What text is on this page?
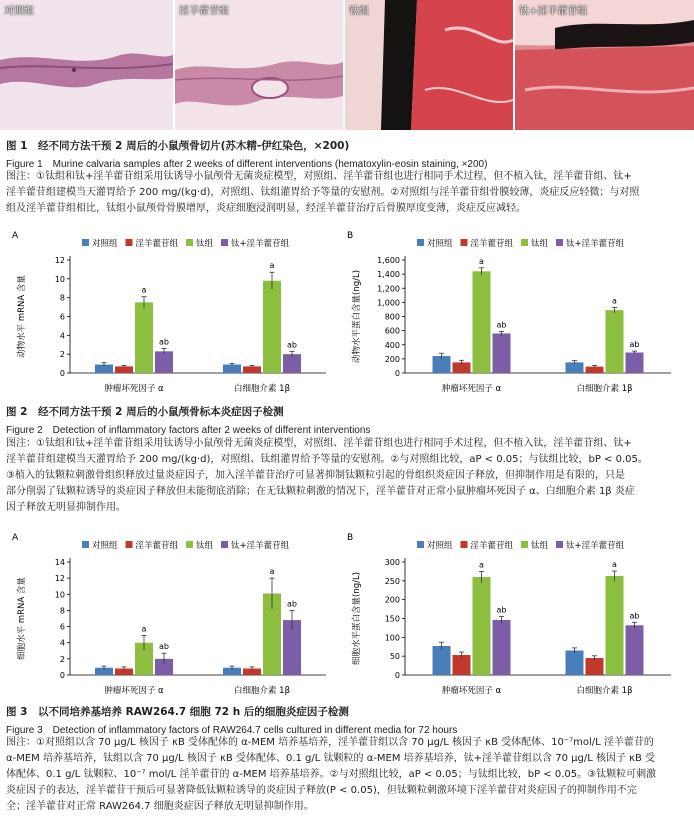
对照组	淫羊藿苷组	钛组	钛+淫羊藿苷组
图 1　经不同方法干预 2 周后的小鼠颅骨切片(苏木精-伊红染色，×200)
Figure 1　Murine calvaria samples after 2 weeks of different interventions (hematoxylin-eosin staining, ×200)
图注：①钛组和钛+淫羊藿苷组采用钛诱导小鼠颅骨无菌炎症模型，对照组、淫羊藿苷组也进行相同手术过程，但不植入钛，淫羊藿苷组、钛+
淫羊藿苷组建模当天灌胃给予 200 mg/(kg·d)，对照组、钛组灌胃给予等量的安慰剂。②对照组与淫羊藿苷组骨膜较薄，炎症反应轻微；与对照
组及淫羊藿苷组相比，钛组小鼠颅骨骨膜增厚，炎症细胞浸润明显，经淫羊藿苷治疗后骨膜厚度变薄，炎症反应减轻。
A
对照组 淫羊藿苷组 钛组 钛+淫羊藿苷组
0
2
4
6
8
10
12
动物水平 mRNA 含量	a
ab
肿瘤坏死因子 α
a
ab
白细胞介素 1β
B
对照组 淫羊藿苷组 钛组 钛+淫羊藿苷组
0
200
400
600
800
1,000
1,200
1,400
1,600
动物水平蛋白含量(ng/L)
a
ab
肿瘤坏死因子 α
a
ab
白细胞介素 1β
图 2　经不同方法干预 2 周后的小鼠颅骨标本炎症因子检测
Figure 2　Detection of inflammatory factors after 2 weeks of different interventions
图注：①钛组和钛+淫羊藿苷组采用钛诱导小鼠颅骨无菌炎症模型，对照组、淫羊藿苷组也进行相同手术过程，但不植入钛，淫羊藿苷组、钛+
淫羊藿苷组建模当天灌胃给予 200 mg/(kg·d)，对照组、钛组灌胃给予等量的安慰剂。②与对照组比较，aP < 0.05；与钛组比较，bP < 0.05。
③植入的钛颗粒刺激骨组织释放过量炎症因子，加入淫羊藿苷治疗可显著抑制钛颗粒引起的骨组织炎症因子释放，但抑制作用是有限的，只是
部分削弱了钛颗粒诱导的炎症因子释放但未能彻底消除；在无钛颗粒刺激的情况下，淫羊藿苷对正常小鼠肿瘤坏死因子 α、白细胞介素 1β 炎症
因子释放无明显抑制作用。
A
对照组 淫羊藿苷组 钛组 钛+淫羊藿苷组
0
2
4
6
8
10
12
14
细胞水平 mRNA 含量	a
ab
肿瘤坏死因子 α
a
ab
白细胞介素 1β
B
对照组 淫羊藿苷组 钛组 钛+淫羊藿苷组
0
50
100
150
200
250
300
细胞水平蛋白含量(ng/L)
a
ab
肿瘤坏死因子 α
a
ab
白细胞介素 1β
图 3　以不同培养基培养 RAW264.7 细胞 72 h 后的细胞炎症因子检测
Figure 3　Detection of inflammatory factors of RAW264.7 cells cultured in different media for 72 hours
图注：①对照组以含 70 μg/L 核因子 κB 受体配体的 α-MEM 培养基培养，淫羊藿苷组以含 70 μg/L 核因子 κB 受体配体、10⁻⁷mol/L 淫羊藿苷的
α-MEM 培养基培养，钛组以含 70 μg/L 核因子 κB 受体配体、0.1 g/L 钛颗粒的 α-MEM 培养基培养，钛+淫羊藿苷组以含 70 μg/L 核因子 κB 受
体配体、0.1 g/L 钛颗粒、10⁻⁷ mol/L 淫羊藿苷的 α-MEM 培养基培养。②与对照组比较，aP < 0.05；与钛组比较，bP < 0.05。③钛颗粒可刺激
炎症因子的表达，淫羊藿苷干预后可显著降低钛颗粒诱导的炎症因子释放(P < 0.05)，但钛颗粒刺激环境下淫羊藿苷对炎症因子的抑制作用不完
全；淫羊藿苷对正常 RAW264.7 细胞炎症因子释放无明显抑制作用。
